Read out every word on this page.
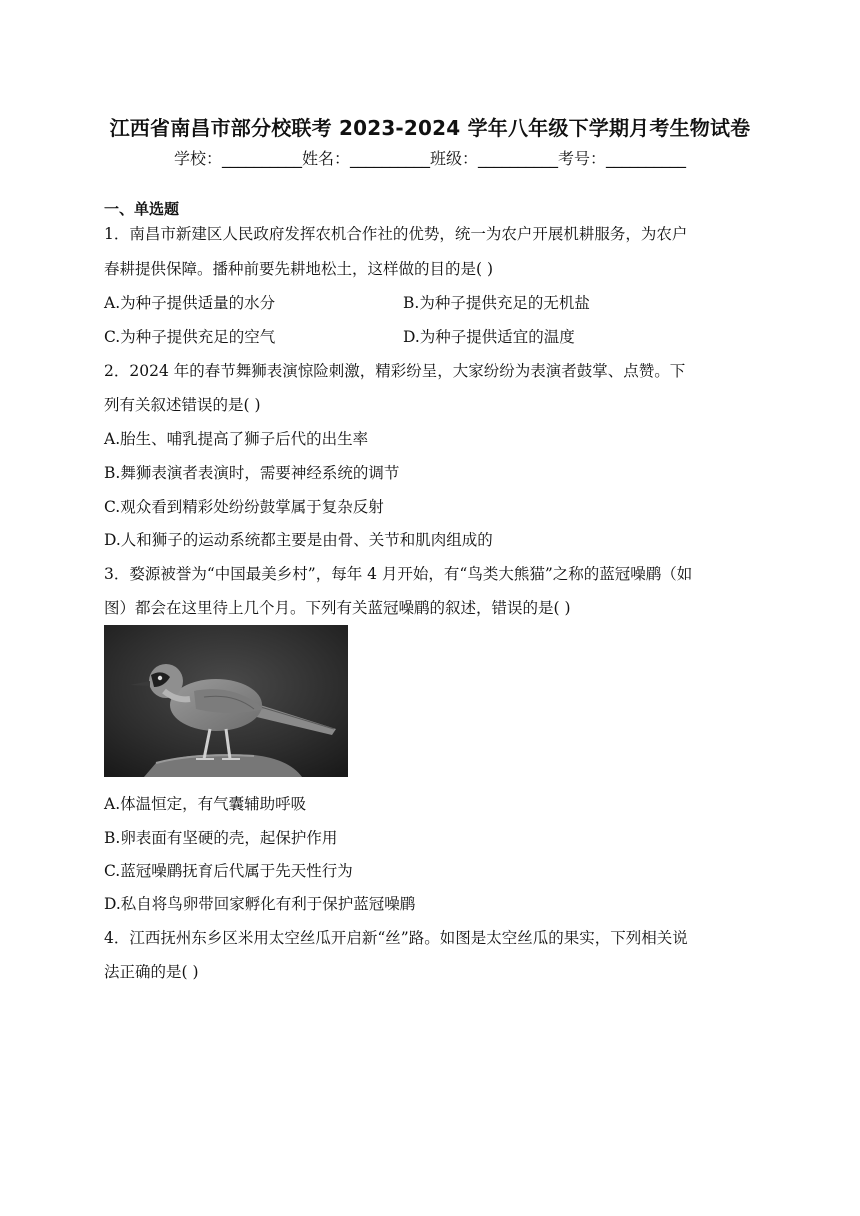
江西省南昌市部分校联考 2023-2024 学年八年级下学期月考生物试卷
学校：__________姓名：__________班级：__________考号：__________
一、单选题
1．南昌市新建区人民政府发挥农机合作社的优势，统一为农户开展机耕服务，为农户
春耕提供保障。播种前要先耕地松土，这样做的目的是( )
A.为种子提供适量的水分	B.为种子提供充足的无机盐
C.为种子提供充足的空气	D.为种子提供适宜的温度
2．2024 年的春节舞狮表演惊险刺激，精彩纷呈，大家纷纷为表演者鼓掌、点赞。下
列有关叙述错误的是( )
A.胎生、哺乳提高了狮子后代的出生率
B.舞狮表演者表演时，需要神经系统的调节
C.观众看到精彩处纷纷鼓掌属于复杂反射
D.人和狮子的运动系统都主要是由骨、关节和肌肉组成的
3．婺源被誉为“中国最美乡村”，每年 4 月开始，有“鸟类大熊猫”之称的蓝冠噪鹛（如
图）都会在这里待上几个月。下列有关蓝冠噪鹛的叙述，错误的是( )
A.体温恒定，有气囊辅助呼吸
B.卵表面有坚硬的壳，起保护作用
C.蓝冠噪鹛抚育后代属于先天性行为
D.私自将鸟卵带回家孵化有利于保护蓝冠噪鹛
4．江西抚州东乡区米用太空丝瓜开启新“丝”路。如图是太空丝瓜的果实，下列相关说
法正确的是( )
